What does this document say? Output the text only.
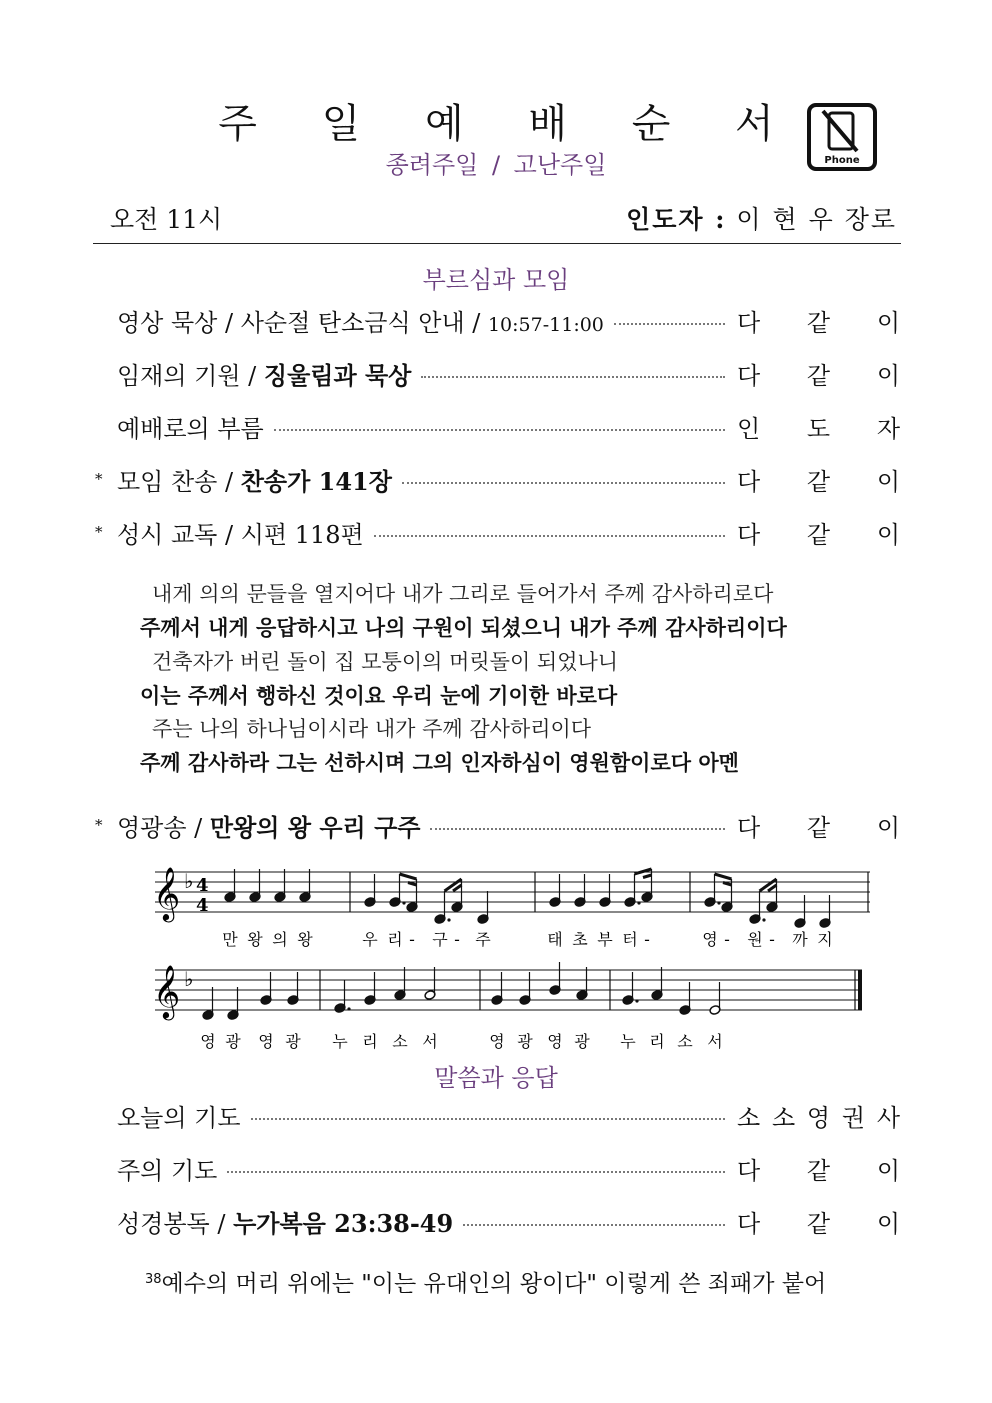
주 일 예 배 순 서
종려주일 / 고난주일	Phone
오전 11시	인도자 : 이 현 우 장로
부르심과 모임
영상 묵상 / 사순절 탄소금식 안내 / 10:57-11:00	다 같 이
임재의 기원 / 징울림과 묵상	다 같 이
예배로의 부름	인 도 자
* 모임 찬송 / 찬송가 141장	다 같 이
* 성시 교독 / 시편 118편	다 같 이
내게 의의 문들을 열지어다 내가 그리로 들어가서 주께 감사하리로다
주께서 내게 응답하시고 나의 구원이 되셨으니 내가 주께 감사하리이다
건축자가 버린 돌이 집 모퉁이의 머릿돌이 되었나니
이는 주께서 행하신 것이요 우리 눈에 기이한 바로다
주는 나의 하나님이시라 내가 주께 감사하리이다
주께 감사하라 그는 선하시며 그의 인자하심이 영원함이로다 아멘
* 영광송 / 만왕의 왕 우리 구주	다 같 이
𝄞 ♭ 4
4
만 왕 의 왕	우 리 - 구 - 주	태 초 부 터 -	영 - 원 - 까 지
𝄞 ♭
영 광 영 광 누 리 소 서	영 광 영 광 누 리 소 서
말씀과 응답
오늘의 기도	소 소 영 권 사
주의 기도	다 같 이
성경봉독 / 누가복음 23:38-49	다 같 이
$^{38}$예수의 머리 위에는 "이는 유대인의 왕이다" 이렇게 쓴 죄패가 붙어
